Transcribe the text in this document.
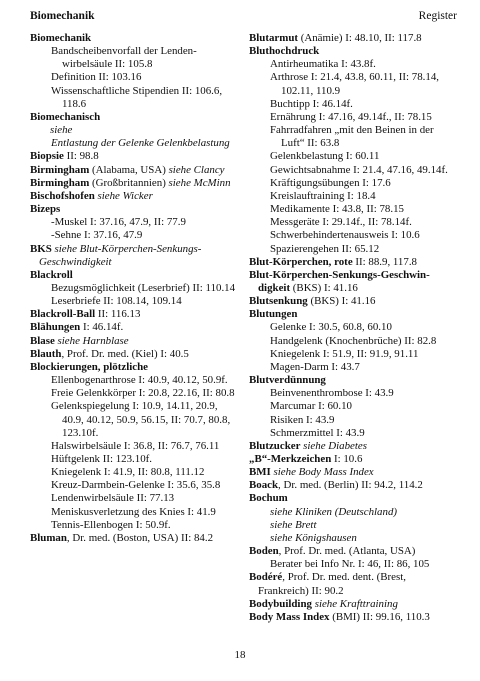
Biomechanik	Register
Biomechanik
Bandscheibenvorfall der Lenden-wirbelsäule II: 105.8
Definition II: 103.16
Wissenschaftliche Stipendien II: 106.6, 118.6
Biomechanisch
siehe
Entlastung der Gelenke Gelenkbelastung
Biopsie II: 98.8
Birmingham (Alabama, USA) siehe Clancy
Birmingham (Großbritannien) siehe McMinn
Bischofshofen siehe Wicker
Bizeps
-Muskel I: 37.16, 47.9, II: 77.9
-Sehne I: 37.16, 47.9
BKS siehe Blut-Körperchen-Senkungs-Geschwindigkeit
Blackroll
Bezugsmöglichkeit (Leserbrief) II: 110.14
Leserbriefe II: 108.14, 109.14
Blackroll-Ball II: 116.13
Blähungen I: 46.14f.
Blase siehe Harnblase
Blauth, Prof. Dr. med. (Kiel) I: 40.5
Blockierungen, plötzliche
Ellenbogenarthrose I: 40.9, 40.12, 50.9f.
Freie Gelenkkörper I: 20.8, 22.16, II: 80.8
Gelenkspiegelung I: 10.9, 14.11, 20.9, 40.9, 40.12, 50.9, 56.15, II: 70.7, 80.8, 123.10f.
Halswirbelsäule I: 36.8, II: 76.7, 76.11
Hüftgelenk II: 123.10f.
Kniegelenk I: 41.9, II: 80.8, 111.12
Kreuz-Darmbein-Gelenke I: 35.6, 35.8
Lendenwirbelsäule II: 77.13
Meniskusverletzung des Knies I: 41.9
Tennis-Ellenbogen I: 50.9f.
Bluman, Dr. med. (Boston, USA) II: 84.2
Blutarmut (Anämie) I: 48.10, II: 117.8
Bluthochdruck
Antirheumatika I: 43.8f.
Arthrose I: 21.4, 43.8, 60.11, II: 78.14, 102.11, 110.9
Buchtipp I: 46.14f.
Ernährung I: 47.16, 49.14f., II: 78.15
Fahrradfahren „mit den Beinen in der Luft“ II: 63.8
Gelenkbelastung I: 60.11
Gewichtsabnahme I: 21.4, 47.16, 49.14f.
Kräftigungsübungen I: 17.6
Kreislauftraining I: 18.4
Medikamente I: 43.8, II: 78.15
Messgeräte I: 29.14f., II: 78.14f.
Schwerbehindertenausweis I: 10.6
Spazierengehen II: 65.12
Blut-Körperchen, rote II: 88.9, 117.8
Blut-Körperchen-Senkungs-Geschwin-digkeit (BKS) I: 41.16
Blutsenkung (BKS) I: 41.16
Blutungen
Gelenke I: 30.5, 60.8, 60.10
Handgelenk (Knochenbrüche) II: 82.8
Kniegelenk I: 51.9, II: 91.9, 91.11
Magen-Darm I: 43.7
Blutverdünnung
Beinvenenthrombose I: 43.9
Marcumar I: 60.10
Risiken I: 43.9
Schmerzmittel I: 43.9
Blutzucker siehe Diabetes
„B“-Merkzeichen I: 10.6
BMI siehe Body Mass Index
Boack, Dr. med. (Berlin) II: 94.2, 114.2
Bochum
siehe Kliniken (Deutschland)
siehe Brett
siehe Königshausen
Boden, Prof. Dr. med. (Atlanta, USA)
Berater bei Info Nr. I: 46, II: 86, 105
Bodéré, Prof. Dr. med. dent. (Brest, Frankreich) II: 90.2
Bodybuilding siehe Krafttraining
Body Mass Index (BMI) II: 99.16, 110.3
18
